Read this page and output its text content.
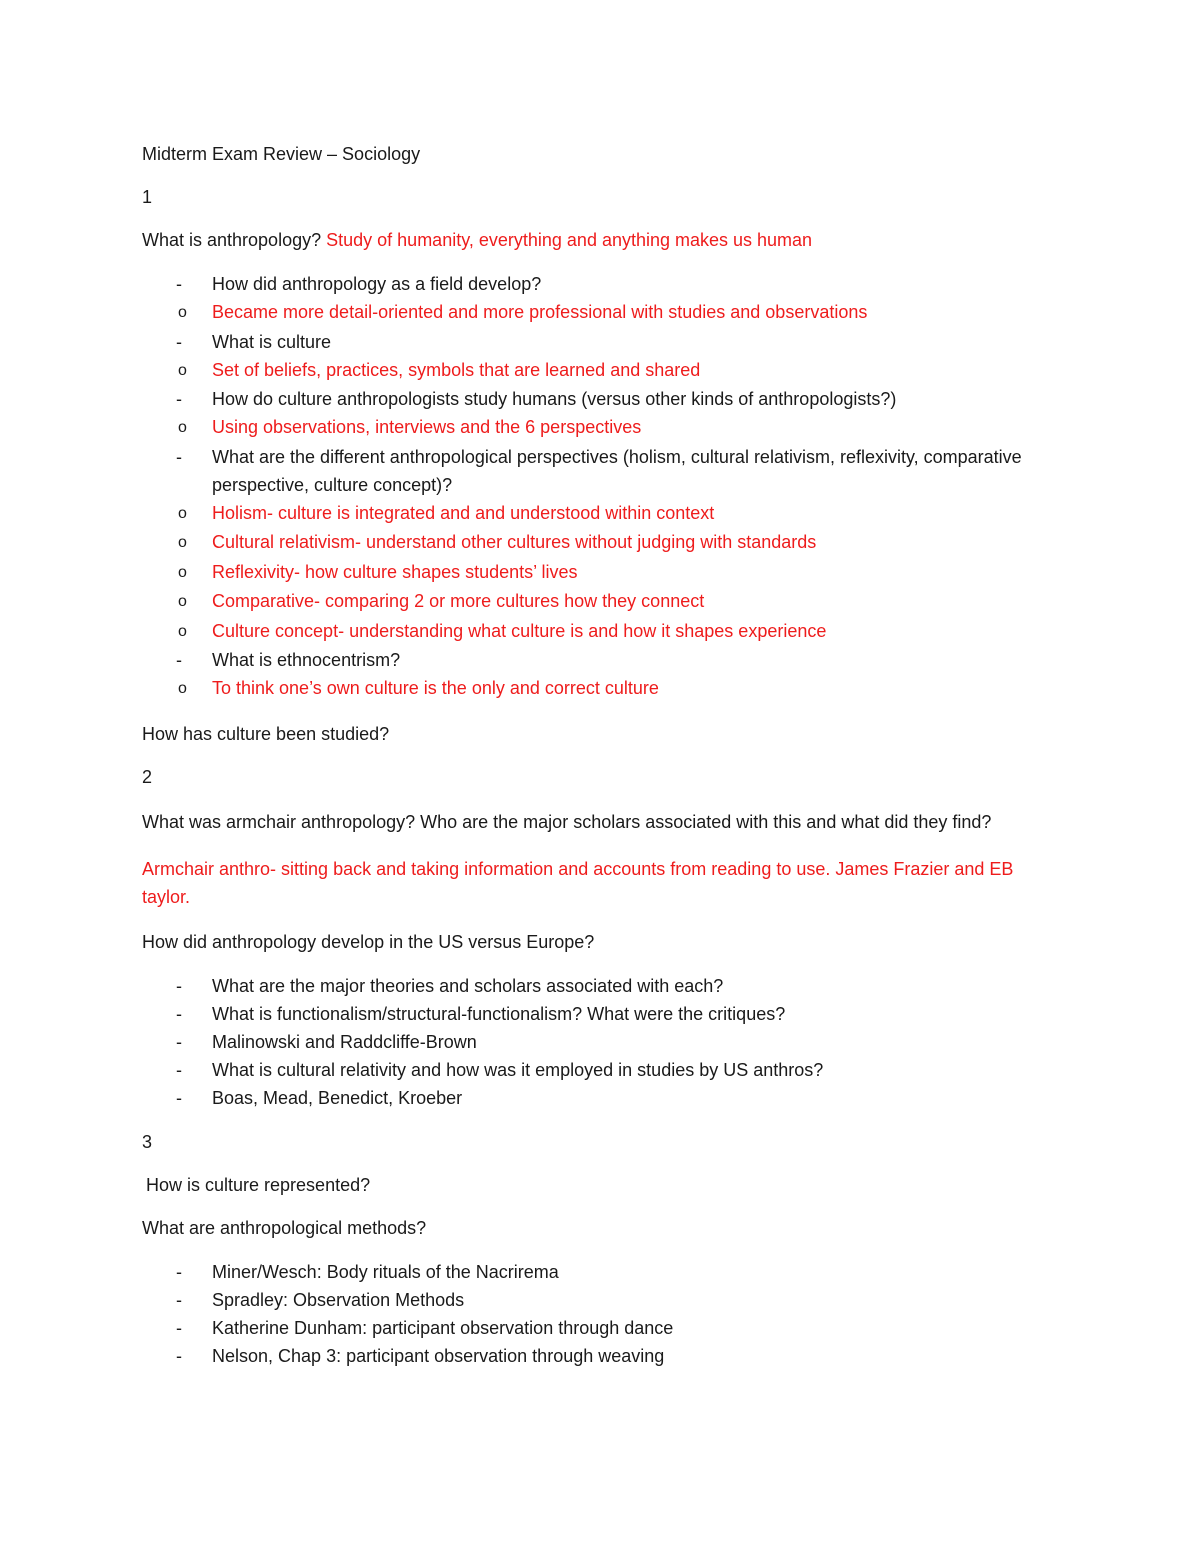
Midterm Exam Review – Sociology

1

What is anthropology? Study of humanity, everything and anything makes us human

- How did anthropology as a field develop?
o Became more detail-oriented and more professional with studies and observations
- What is culture
o Set of beliefs, practices, symbols that are learned and shared
- How do culture anthropologists study humans (versus other kinds of anthropologists?)
o Using observations, interviews and the 6 perspectives
- What are the different anthropological perspectives (holism, cultural relativism, reflexivity, comparative perspective, culture concept)?
o Holism- culture is integrated and and understood within context
o Cultural relativism- understand other cultures without judging with standards
o Reflexivity- how culture shapes students’ lives
o Comparative- comparing 2 or more cultures how they connect
o Culture concept- understanding what culture is and how it shapes experience
- What is ethnocentrism?
o To think one’s own culture is the only and correct culture

How has culture been studied?

2

What was armchair anthropology? Who are the major scholars associated with this and what did they find?

Armchair anthro- sitting back and taking information and accounts from reading to use. James Frazier and EB taylor.

How did anthropology develop in the US versus Europe?

- What are the major theories and scholars associated with each?
- What is functionalism/structural-functionalism? What were the critiques?
- Malinowski and Raddcliffe-Brown
- What is cultural relativity and how was it employed in studies by US anthros?
- Boas, Mead, Benedict, Kroeber

3

How is culture represented?

What are anthropological methods?

- Miner/Wesch: Body rituals of the Nacrirema
- Spradley: Observation Methods
- Katherine Dunham: participant observation through dance
- Nelson, Chap 3: participant observation through weaving
